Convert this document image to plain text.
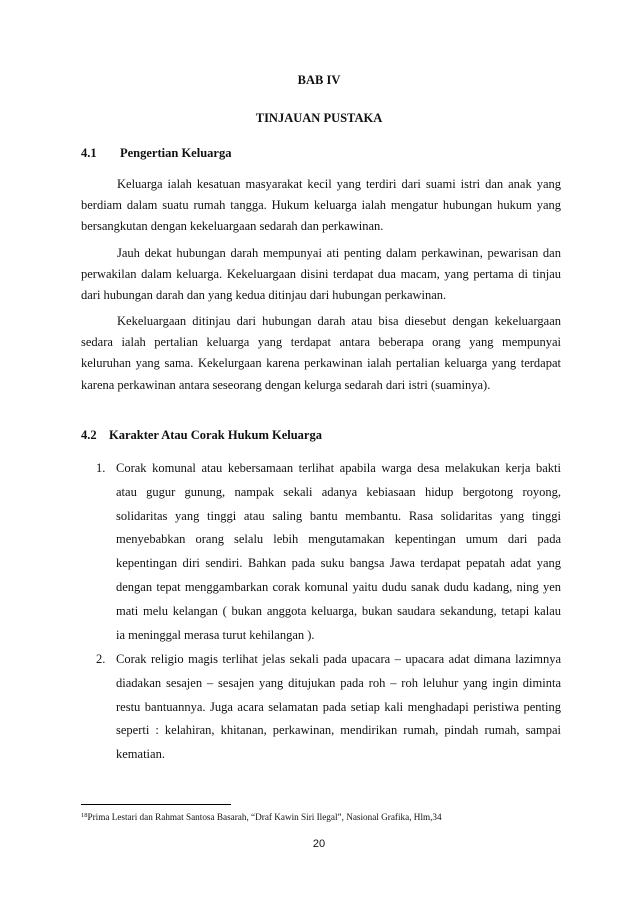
BAB IV
TINJAUAN PUSTAKA
4.1 Pengertian Keluarga
Keluarga ialah kesatuan masyarakat kecil yang terdiri dari suami istri dan anak yang
berdiam dalam suatu rumah tangga. Hukum keluarga ialah mengatur hubungan hukum yang
bersangkutan dengan kekeluargaan sedarah dan perkawinan.
Jauh dekat hubungan darah mempunyai ati penting dalam perkawinan, pewarisan dan
perwakilan dalam keluarga. Kekeluargaan disini terdapat dua macam, yang pertama di tinjau
dari hubungan darah dan yang kedua ditinjau dari hubungan perkawinan.
Kekeluargaan ditinjau dari hubungan darah atau bisa diesebut dengan kekeluargaan
sedara ialah pertalian keluarga yang terdapat antara beberapa orang yang mempunyai
keluruhan yang sama. Kekelurgaan karena perkawinan ialah pertalian keluarga yang terdapat
karena perkawinan antara seseorang dengan kelurga sedarah dari istri (suaminya).
4.2 Karakter Atau Corak Hukum Keluarga
1. Corak komunal atau kebersamaan terlihat apabila warga desa melakukan kerja bakti
atau gugur gunung, nampak sekali adanya kebiasaan hidup bergotong royong,
solidaritas yang tinggi atau saling bantu membantu. Rasa solidaritas yang tinggi
menyebabkan orang selalu lebih mengutamakan kepentingan umum dari pada
kepentingan diri sendiri. Bahkan pada suku bangsa Jawa terdapat pepatah adat yang
dengan tepat menggambarkan corak komunal yaitu dudu sanak dudu kadang, ning yen
mati melu kelangan ( bukan anggota keluarga, bukan saudara sekandung, tetapi kalau
ia meninggal merasa turut kehilangan ).
2. Corak religio magis terlihat jelas sekali pada upacara – upacara adat dimana lazimnya
diadakan sesajen – sesajen yang ditujukan pada roh – roh leluhur yang ingin diminta
restu bantuannya. Juga acara selamatan pada setiap kali menghadapi peristiwa penting
seperti : kelahiran, khitanan, perkawinan, mendirikan rumah, pindah rumah, sampai
kematian.
$^{18}$Prima Lestari dan Rahmat Santosa Basarah, “Draf Kawin Siri Ilegal”, Nasional Grafika, Hlm,34
20
